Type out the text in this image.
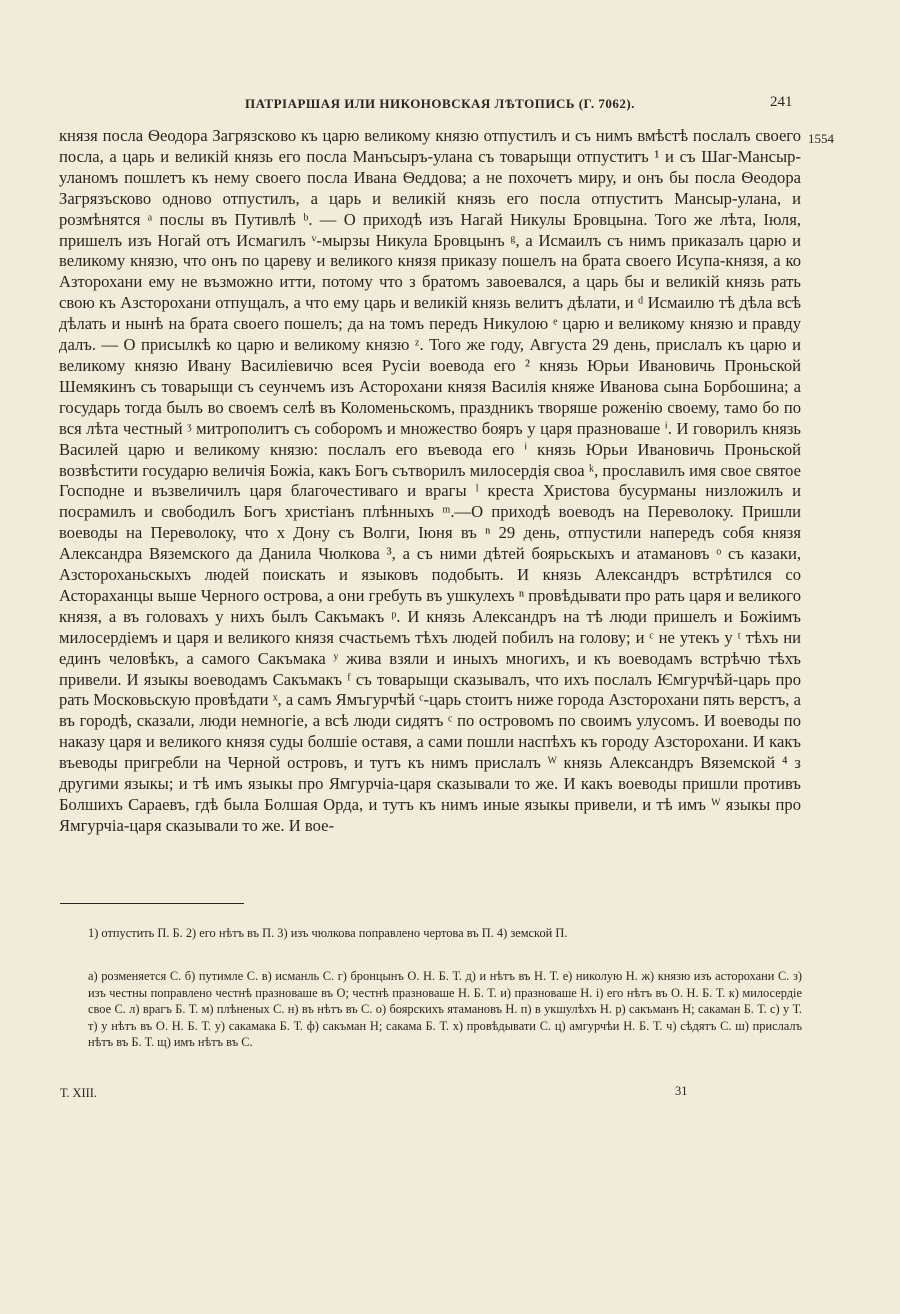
ПАТРІАРШАЯ ИЛИ НИКОНОВСКАЯ ЛѢТОПИСЬ (Г. 7062).	241
1554

князя посла Ѳеодора Загрязсково къ царю великому князю отпустилъ и съ нимъ вмѣстѣ послалъ своего посла, а царь и великій князь его посла Манъсыръ-улана съ товарыщи отпуститъ ¹ и съ Шаг-Мансыр-уланомъ пошлетъ къ нему своего посла Ивана Ѳеддова; а не похочетъ миру, и онъ бы посла Ѳеодора Загрязъсково одново отпустилъ, а царь и великій князь его посла отпуститъ Мансыр-улана, и розмѣнятся ᵃ послы въ Путивлѣ ᵇ. — О приходѣ изъ Нагай Никулы Бровцына. Того же лѣта, Іюля, пришелъ изъ Ногай отъ Исмагилъ ᵛ-мырзы Никула Бровцынъ ᵍ, а Исмаилъ съ нимъ приказалъ царю и великому князю, что онъ по цареву и великого князя приказу пошелъ на брата своего Исупа-князя, а ко Азторохани ему не възможно итти, потому что з братомъ завоевался, а царь бы и великій князь рать свою къ Азсторохани отпущалъ, а что ему царь и великій князь велитъ дѣлати, и ᵈ Исмаилю тѣ дѣла всѣ дѣлать и нынѣ на брата своего пошелъ; да на томъ передъ Никулою ᵉ царю и великому князю и правду далъ. — О присылкѣ ко царю и великому князю ᶻ. Того же году, Августа 29 день, прислалъ къ царю и великому князю Ивану Василіевичю всея Русіи воевода его ² князь Юрьи Ивановичь Проньской Шемякинъ съ товарыщи съ сеунчемъ изъ Асторохани князя Василія княже Иванова сына Борбошина; а государь тогда былъ во своемъ селѣ въ Коломеньскомъ, праздникъ творяше роженію своему, тамо бо по вся лѣта честный ᶾ митрополитъ съ соборомъ и множество бояръ у царя празноваше ⁱ. И говорилъ князь Василей царю и великому князю: послалъ его въевода его ⁱ князь Юрьи Ивановичь Проньской возвѣстити государю величія Божіа, какъ Богъ сътворилъ милосердія своа ᵏ, прославилъ имя свое святое Господне и възвеличилъ царя благочестиваго и врагы ˡ креста Христова бусурманы низложилъ и посрамилъ и свободилъ Богъ христіанъ плѣнныхъ ᵐ.—О приходѣ воеводъ на Переволоку. Пришли воеводы на Переволоку, что х Дону съ Волги, Іюня въ ⁿ 29 день, отпустили напередъ собя князя Александра Вяземского да Данила Чюлкова ³, а съ ними дѣтей боярьскыхъ и атамановъ ᵒ съ казаки, Азстороханьскыхъ людей поискать и языковъ подобыть. И князь Александръ встрѣтился со Астораханцы выше Черного острова, а они гребуть въ ушкулехъ ⁿ провѣдывати про рать царя и великого князя, а въ головахъ у нихъ былъ Сакъмакъ ᵖ. И князь Александръ на тѣ люди пришелъ и Божіимъ милосердіемъ и царя и великого князя счастьемъ тѣхъ людей побилъ на голову; и ᶜ не утекъ у ᵗ тѣхъ ни единъ человѣкъ, а самого Сакъмака ʸ жива взяли и иныхъ многихъ, и къ воеводамъ встрѣчю тѣхъ привели. И языкы воеводамъ Сакъмакъ ᶠ съ товарыщи сказывалъ, что ихъ послалъ Ѥмгурчѣй-царь про рать Московьскую провѣдати ˣ, а самъ Ямъгурчѣй ᶜ-царь стоитъ ниже города Азсторохани пять верстъ, а въ городѣ, сказали, люди немногіе, а всѣ люди сидятъ ᶜ по островомъ по своимъ улусомъ. И воеводы по наказу царя и великого князя суды болшіе оставя, а сами пошли наспѣхъ къ городу Азсторохани. И какъ въеводы пригребли на Черной островъ, и тутъ къ нимъ прислалъ ᵂ князь Александръ Вяземской ⁴ з другими языкы; и тѣ имъ языкы про Ямгурчіа-царя сказывали то же. И какъ воеводы пришли противъ Болшихъ Сараевъ, гдѣ была Болшая Орда, и тутъ къ нимъ иные языкы привели, и тѣ имъ ᵂ языкы про Ямгурчіа-царя сказывали то же. И вое-

1) отпустить П. Б. 2) его нѣтъ въ П. 3) изъ чюлкова поправлено чертова въ П. 4) земской П.
а) розменяется С. б) путимле С. в) исманль С. г) бронцынъ О. Н. Б. Т. д) и нѣтъ въ Н. Т. е) николую Н. ж) князю изъ асторохани С. з) изъ честны поправлено честнѣ празноваше въ О; честнѣ празноваше Н. Б. Т. и) празноваше Н. і) его нѣтъ въ О. Н. Б. Т. к) милосердіе свое С. л) врагъ Б. Т. м) плѣненых С. н) въ нѣтъ въ С. о) боярскихъ ятамановъ Н. п) в укшулѣхъ Н. р) сакъманъ Н; сакаман Б. Т. с) у Т. т) у нѣтъ въ О. Н. Б. Т. у) сакамака Б. Т. ф) сакъман Н; сакама Б. Т. х) провѣдывати С. ц) амгурчѣи Н. Б. Т. ч) сѣдятъ С. ш) прислалъ нѣтъ въ Б. Т. щ) имъ нѣтъ въ С.
Т. XIII.	31
